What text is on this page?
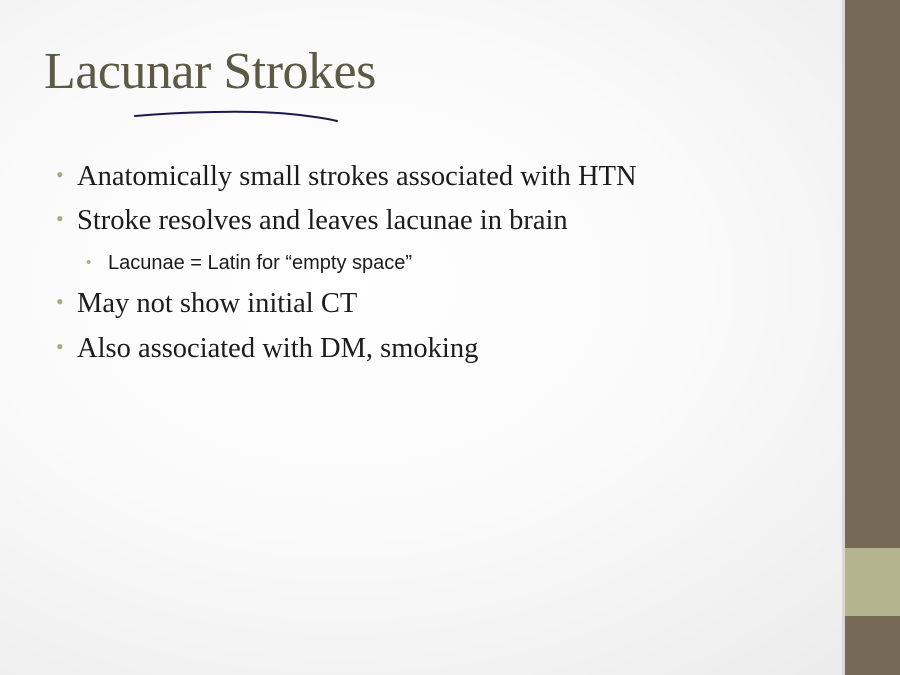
Lacunar Strokes
• Anatomically small strokes associated with HTN
• Stroke resolves and leaves lacunae in brain
• Lacunae = Latin for “empty space”
• May not show initial CT
• Also associated with DM, smoking
